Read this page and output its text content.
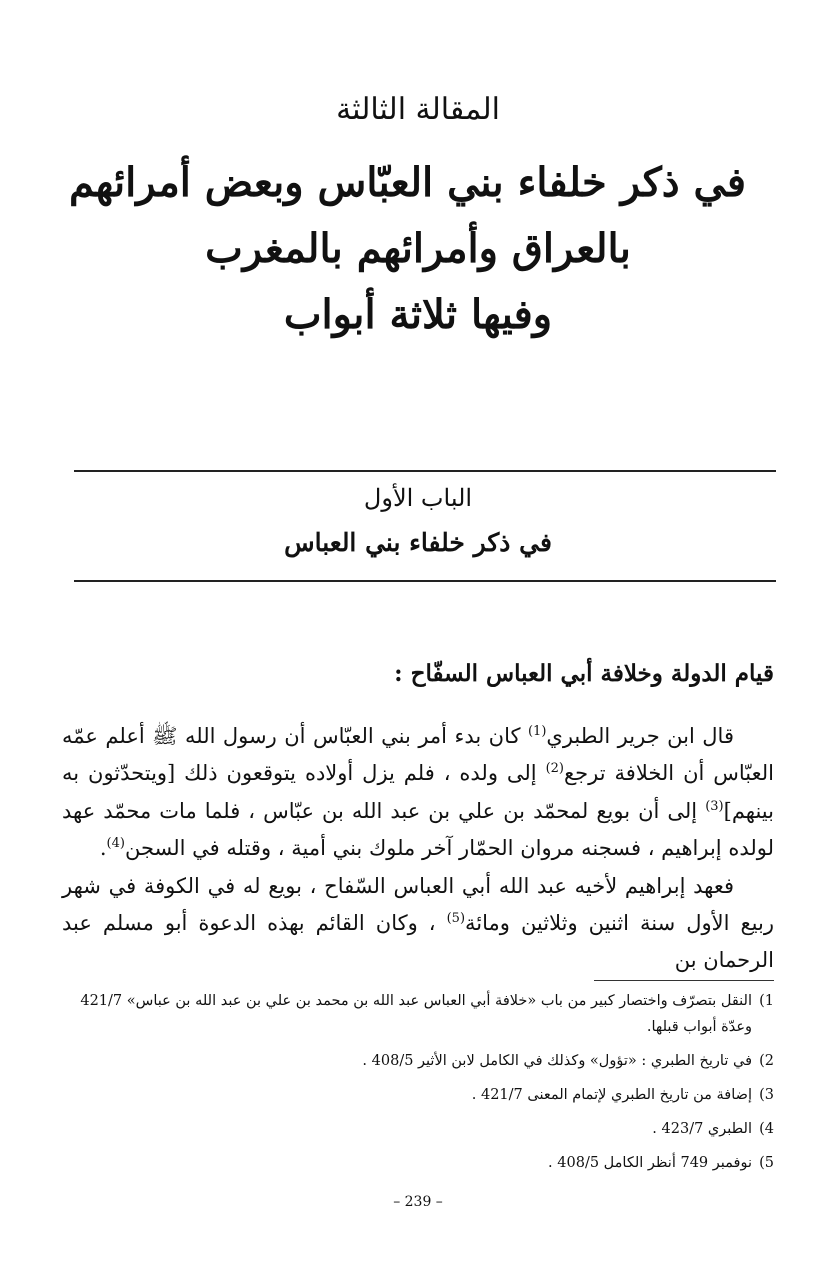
المقالة الثالثة
في ذكر خلفاء بني العبّاس وبعض أمرائهم
بالعراق وأمرائهم بالمغرب
وفيها ثلاثة أبواب
الباب الأول
في ذكر خلفاء بني العباس
قيام الدولة وخلافة أبي العباس السفّاح :

قال ابن جرير الطبري$^{(1)}$ كان بدء أمر بني العبّاس أن رسول الله ﷺ أعلم عمّه العبّاس أن الخلافة ترجع$^{(2)}$ إلى ولده ، فلم يزل أولاده يتوقعون ذلك [ويتحدّثون به بينهم]$^{(3)}$ إلى أن بويع لمحمّد بن علي بن عبد الله بن عبّاس ، فلما مات محمّد عهد لولده إبراهيم ، فسجنه مروان الحمّار آخر ملوك بني أمية ، وقتله في السجن$^{(4)}$.

فعهد إبراهيم لأخيه عبد الله أبي العباس السّفاح ، بويع له في الكوفة في شهر ربيع الأول سنة اثنين وثلاثين ومائة$^{(5)}$ ، وكان القائم بهذه الدعوة أبو مسلم عبد الرحمان بن

1)
النقل بتصرّف واختصار كبير من باب «خلافة أبي العباس عبد الله بن محمد بن علي بن عبد الله بن عباس» 421/7 وعدّة أبواب قبلها.
2)
في تاريخ الطبري : «تؤول» وكذلك في الكامل لابن الأثير 408/5 .
3)
إضافة من تاريخ الطبري لإتمام المعنى 421/7 .
4)
الطبري 423/7 .
5)
نوفمبر 749 أنظر الكامل 408/5 .
– 239 –
